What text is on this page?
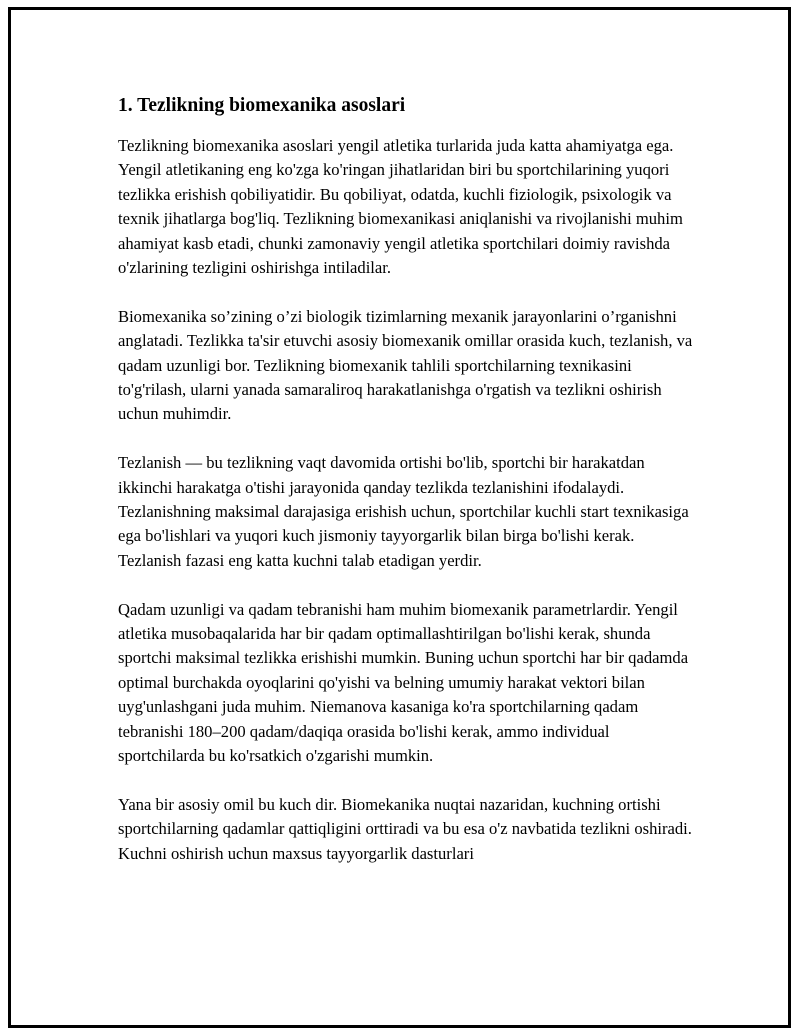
1. Tezlikning biomexanika asoslari

Tezlikning biomexanika asoslari yengil atletika turlarida juda katta ahamiyatga ega. Yengil atletikaning eng ko'zga ko'ringan jihatlaridan biri bu sportchilarining yuqori tezlikka erishish qobiliyatidir. Bu qobiliyat, odatda, kuchli fiziologik, psixologik va texnik jihatlarga bog'liq. Tezlikning biomexanikasi aniqlanishi va rivojlanishi muhim ahamiyat kasb etadi, chunki zamonaviy yengil atletika sportchilari doimiy ravishda o'zlarining tezligini oshirishga intiladilar.

Biomexanika so’zining o’zi biologik tizimlarning mexanik jarayonlarini o’rganishni anglatadi. Tezlikka ta'sir etuvchi asosiy biomexanik omillar orasida kuch, tezlanish, va qadam uzunligi bor. Tezlikning biomexanik tahlili sportchilarning texnikasini to'g'rilash, ularni yanada samaraliroq harakatlanishga o'rgatish va tezlikni oshirish uchun muhimdir.

Tezlanish — bu tezlikning vaqt davomida ortishi bo'lib, sportchi bir harakatdan ikkinchi harakatga o'tishi jarayonida qanday tezlikda tezlanishini ifodalaydi. Tezlanishning maksimal darajasiga erishish uchun, sportchilar kuchli start texnikasiga ega bo'lishlari va yuqori kuch jismoniy tayyorgarlik bilan birga bo'lishi kerak. Tezlanish fazasi eng katta kuchni talab etadigan yerdir.

Qadam uzunligi va qadam tebranishi ham muhim biomexanik parametrlardir. Yengil atletika musobaqalarida har bir qadam optimallashtirilgan bo'lishi kerak, shunda sportchi maksimal tezlikka erishishi mumkin. Buning uchun sportchi har bir qadamda optimal burchakda oyoqlarini qo'yishi va belning umumiy harakat vektori bilan uyg'unlashgani juda muhim. Niemanova kasaniga ko'ra sportchilarning qadam tebranishi 180–200 qadam/daqiqa orasida bo'lishi kerak, ammo individual sportchilarda bu ko'rsatkich o'zgarishi mumkin.

Yana bir asosiy omil bu kuch dir. Biomekanika nuqtai nazaridan, kuchning ortishi sportchilarning qadamlar qattiqligini orttiradi va bu esa o'z navbatida tezlikni oshiradi. Kuchni oshirish uchun maxsus tayyorgarlik dasturlari
